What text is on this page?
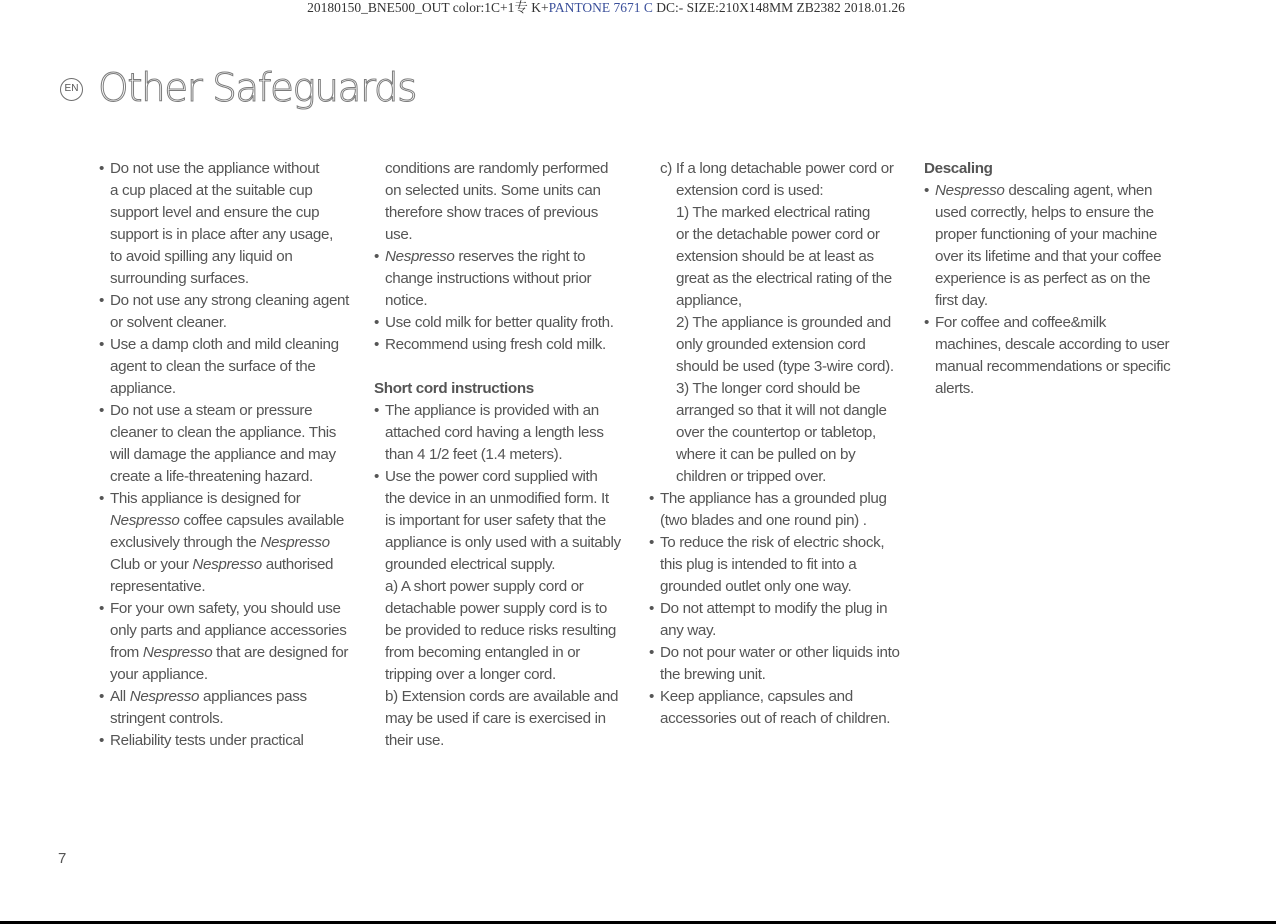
20180150_BNE500_OUT color:1C+1专 K+PANTONE 7671 C DC:- SIZE:210X148MM ZB2382 2018.01.26
EN Other Safeguards

• Do not use the appliance without

a cup placed at the suitable cup

support level and ensure the cup

support is in place after any usage,

to avoid spilling any liquid on

surrounding surfaces.

• Do not use any strong cleaning agent

or solvent cleaner.

• Use a damp cloth and mild cleaning

agent to clean the surface of the

appliance.

• Do not use a steam or pressure

cleaner to clean the appliance. This

will damage the appliance and may

create a life-threatening hazard.

• This appliance is designed for

Nespresso coffee capsules available

exclusively through the Nespresso

Club or your Nespresso authorised

representative.

• For your own safety, you should use

only parts and appliance accessories

from Nespresso that are designed for

your appliance.

• All Nespresso appliances pass

stringent controls.

• Reliability tests under practical

conditions are randomly performed

on selected units. Some units can

therefore show traces of previous

use.

• Nespresso reserves the right to

change instructions without prior

notice.

• Use cold milk for better quality froth.

• Recommend using fresh cold milk.

Short cord instructions

• The appliance is provided with an

attached cord having a length less

than 4 1/2 feet (1.4 meters).

• Use the power cord supplied with

the device in an unmodified form. It

is important for user safety that the

appliance is only used with a suitably

grounded electrical supply.

a) A short power supply cord or

detachable power supply cord is to

be provided to reduce risks resulting

from becoming entangled in or

tripping over a longer cord.

b) Extension cords are available and

may be used if care is exercised in

their use.

c) If a long detachable power cord or

extension cord is used:

1) The marked electrical rating

or the detachable power cord or

extension should be at least as

great as the electrical rating of the

appliance,

2) The appliance is grounded and

only grounded extension cord

should be used (type 3-wire cord).

3) The longer cord should be

arranged so that it will not dangle

over the countertop or tabletop,

where it can be pulled on by

children or tripped over.

• The appliance has a grounded plug

(two blades and one round pin) .

• To reduce the risk of electric shock,

this plug is intended to fit into a

grounded outlet only one way.

• Do not attempt to modify the plug in

any way.

• Do not pour water or other liquids into

the brewing unit.

• Keep appliance, capsules and

accessories out of reach of children.

Descaling

• Nespresso descaling agent, when

used correctly, helps to ensure the

proper functioning of your machine

over its lifetime and that your coffee

experience is as perfect as on the

first day.

• For coffee and coffee&milk

machines, descale according to user

manual recommendations or specific

alerts.

7
